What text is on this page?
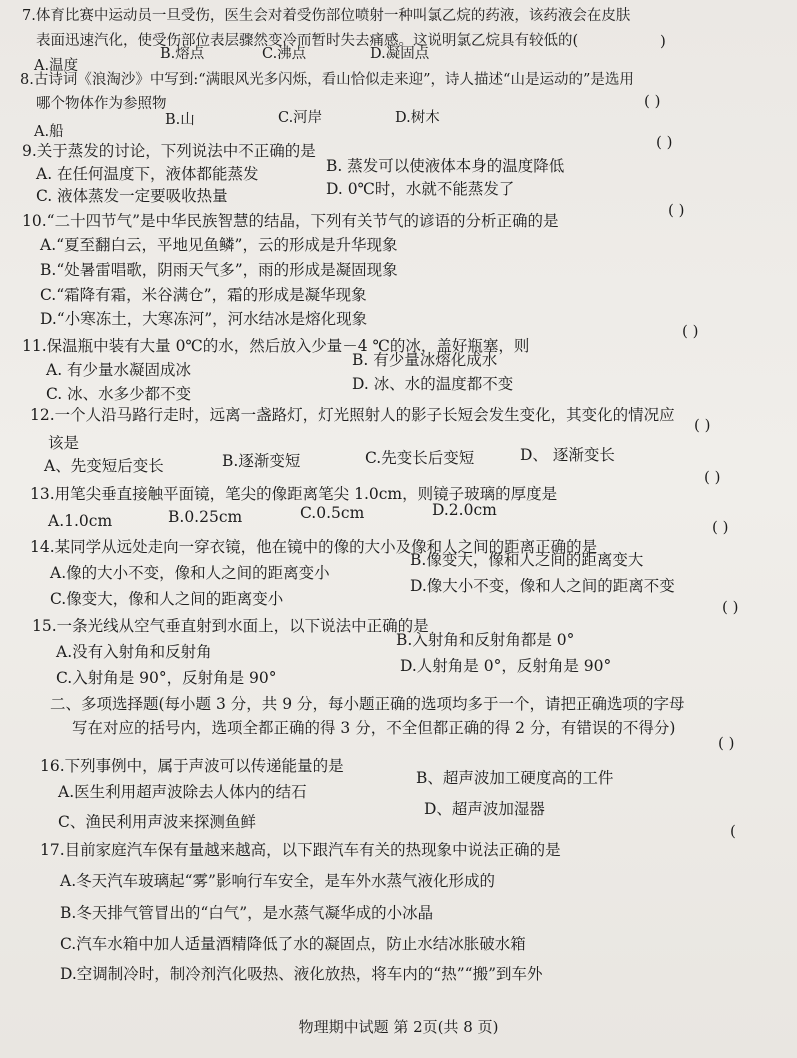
7.体育比赛中运动员一旦受伤，医生会对着受伤部位喷射一种叫氯乙烷的药液，该药液会在皮肤
表面迅速汽化，使受伤部位表层骤然变冷而暂时失去痛感。这说明氯乙烷具有较低的(	)
A.温度
B.熔点	C.沸点	D.凝固点
8.古诗词《浪淘沙》中写到:“满眼风光多闪烁，看山恰似走来迎”，诗人描述“山是运动的”是选用
哪个物体作为参照物	( )
A.船
B.山	C.河岸	D.树木
9.关于蒸发的讨论，下列说法中不正确的是	( )
A. 在任何温度下，液体都能蒸发	B. 蒸发可以使液体本身的温度降低
C. 液体蒸发一定要吸收热量	D. 0℃时，水就不能蒸发了
10.“二十四节气”是中华民族智慧的结晶，下列有关节气的谚语的分析正确的是
( )
A.“夏至翻白云，平地见鱼鳞”，云的形成是升华现象
B.“处暑雷唱歌，阴雨天气多”，雨的形成是凝固现象
C.“霜降有霜，米谷满仓”，霜的形成是凝华现象
D.“小寒冻土，大寒冻河”，河水结冰是熔化现象
11.保温瓶中装有大量 0℃的水，然后放入少量－4 ℃的冰，盖好瓶塞，则
( )
A. 有少量水凝固成冰
B. 有少量冰熔化成水
C. 冰、水多少都不变
D. 冰、水的温度都不变
12.一个人沿马路行走时，远离一盏路灯，灯光照射人的影子长短会发生变化，其变化的情况应
该是
( )
A、先变短后变长	B.逐渐变短	C.先变长后变短	D、 逐渐变长
13.用笔尖垂直接触平面镜，笔尖的像距离笔尖 1.0cm，则镜子玻璃的厚度是
( )
A.1.0cm	B.0.25cm	C.0.5cm	D.2.0cm
14.某同学从远处走向一穿衣镜，他在镜中的像的大小及像和人之间的距离正确的是
( )
A.像的大小不变，像和人之间的距离变小
B.像变大，像和人之间的距离变大
C.像变大，像和人之间的距离变小
D.像大小不变，像和人之间的距离不变
15.一条光线从空气垂直射到水面上，以下说法中正确的是
( )
A.没有入射角和反射角
B.入射角和反射角都是 0°
C.入射角是 90°，反射角是 90°
D.人射角是 0°，反射角是 90°
二、多项选择题(每小题 3 分，共 9 分，每小题正确的选项均多于一个，请把正确选项的字母
写在对应的括号内，选项全都正确的得 3 分，不全但都正确的得 2 分，有错误的不得分)
16.下列事例中，属于声波可以传递能量的是
( )
A.医生利用超声波除去人体内的结石
B、超声波加工硬度高的工件
C、渔民利用声波来探测鱼鲜
D、超声波加湿器
17.目前家庭汽车保有量越来越高，以下跟汽车有关的热现象中说法正确的是
(
A.冬天汽车玻璃起“雾”影响行车安全，是车外水蒸气液化形成的
B.冬天排气管冒出的“白气”，是水蒸气凝华成的小冰晶
C.汽车水箱中加人适量酒精降低了水的凝固点，防止水结冰胀破水箱
D.空调制冷时，制冷剂汽化吸热、液化放热，将车内的“热”“搬”到车外
物理期中试题 第 2页(共 8 页)
